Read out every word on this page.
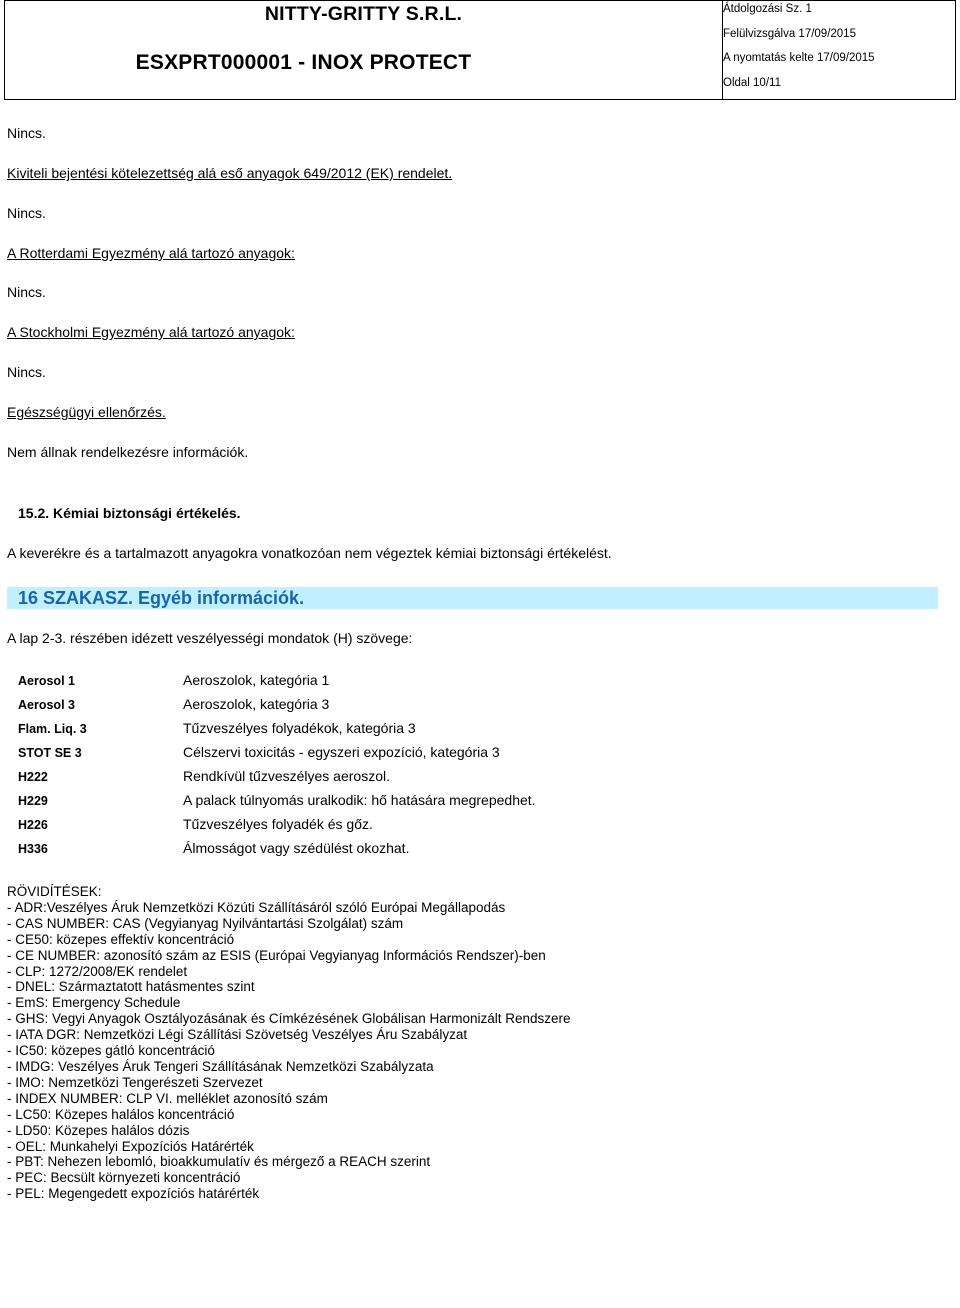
NITTY-GRITTY S.R.L.
ESXPRT000001 - INOX PROTECT
Átdolgozási Sz. 1
Felülvizsgálva 17/09/2015
A nyomtatás kelte 17/09/2015
Oldal 10/11
Nincs.
Kiviteli bejentési kötelezettség alá eső anyagok 649/2012 (EK) rendelet.
Nincs.
A Rotterdami Egyezmény alá tartozó anyagok:
Nincs.
A Stockholmi Egyezmény alá tartozó anyagok:
Nincs.
Egészségügyi ellenőrzés.
Nem állnak rendelkezésre információk.
15.2. Kémiai biztonsági értékelés.
A keverékre és a tartalmazott anyagokra vonatkozóan nem végeztek kémiai biztonsági értékelést.
16 SZAKASZ. Egyéb információk.
A lap 2-3. részében idézett veszélyességi mondatok (H) szövege:
Aerosol 1	Aeroszolok, kategória 1
Aerosol 3	Aeroszolok, kategória 3
Flam. Liq. 3	Tűzveszélyes folyadékok, kategória 3
STOT SE 3	Célszervi toxicitás - egyszeri expozíció, kategória 3
H222	Rendkívül tűzveszélyes aeroszol.
H229	A palack túlnyomás uralkodik: hő hatására megrepedhet.
H226	Tűzveszélyes folyadék és gőz.
H336	Álmosságot vagy szédülést okozhat.
RÖVIDÍTÉSEK:
- ADR:Veszélyes Áruk Nemzetközi Közúti Szállításáról szóló Európai Megállapodás
- CAS NUMBER: CAS (Vegyianyag Nyilvántartási Szolgálat) szám
- CE50: közepes effektív koncentráció
- CE NUMBER: azonosító szám az ESIS (Európai Vegyianyag Információs Rendszer)-ben
- CLP: 1272/2008/EK rendelet
- DNEL: Származtatott hatásmentes szint
- EmS: Emergency Schedule
- GHS: Vegyi Anyagok Osztályozásának és Címkézésének Globálisan Harmonizált Rendszere
- IATA DGR: Nemzetközi Légi Szállítási Szövetség Veszélyes Áru Szabályzat
- IC50: közepes gátló koncentráció
- IMDG: Veszélyes Áruk Tengeri Szállításának Nemzetközi Szabályzata
- IMO: Nemzetközi Tengerészeti Szervezet
- INDEX NUMBER: CLP VI. melléklet azonosító szám
- LC50: Közepes halálos koncentráció
- LD50: Közepes halálos dózis
- OEL: Munkahelyi Expozíciós Határérték
- PBT: Nehezen lebomló, bioakkumulatív és mérgező a REACH szerint
- PEC: Becsült környezeti koncentráció
- PEL: Megengedett expozíciós határérték
